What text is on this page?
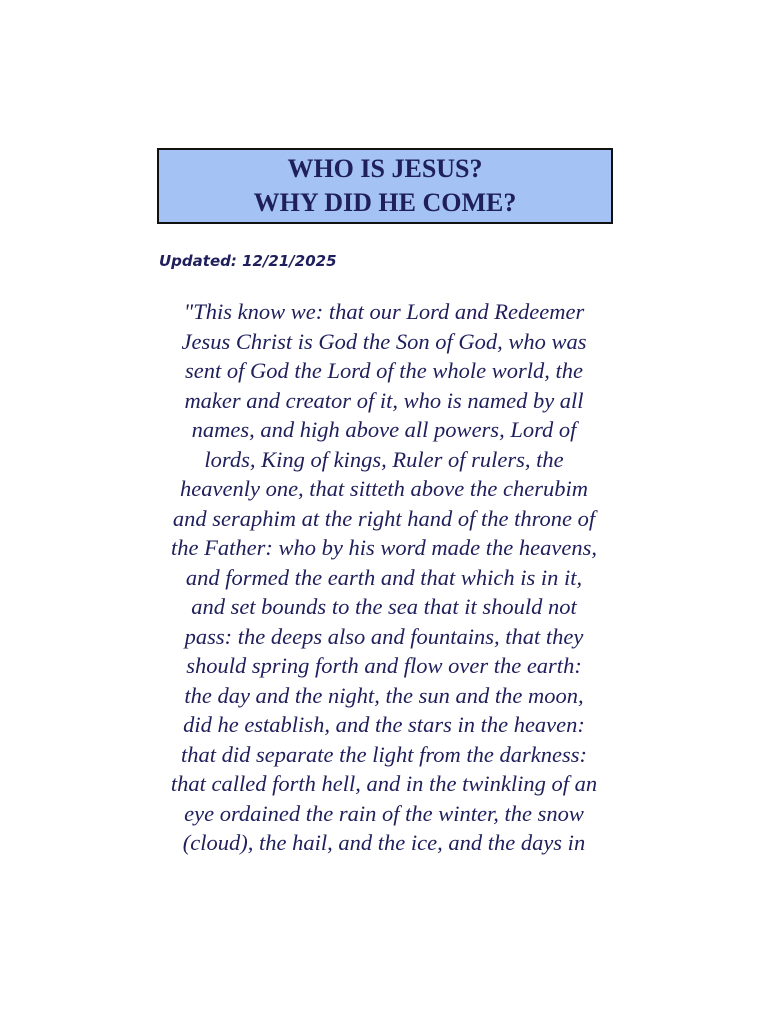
WHO IS JESUS?
WHY DID HE COME?
Updated: 12/21/2025
"This know we: that our Lord and Redeemer
Jesus Christ is God the Son of God, who was
sent of God the Lord of the whole world, the
maker and creator of it, who is named by all
names, and high above all powers, Lord of
lords, King of kings, Ruler of rulers, the
heavenly one, that sitteth above the cherubim
and seraphim at the right hand of the throne of
the Father: who by his word made the heavens,
and formed the earth and that which is in it,
and set bounds to the sea that it should not
pass: the deeps also and fountains, that they
should spring forth and flow over the earth:
the day and the night, the sun and the moon,
did he establish, and the stars in the heaven:
that did separate the light from the darkness:
that called forth hell, and in the twinkling of an
eye ordained the rain of the winter, the snow
(cloud), the hail, and the ice, and the days in
